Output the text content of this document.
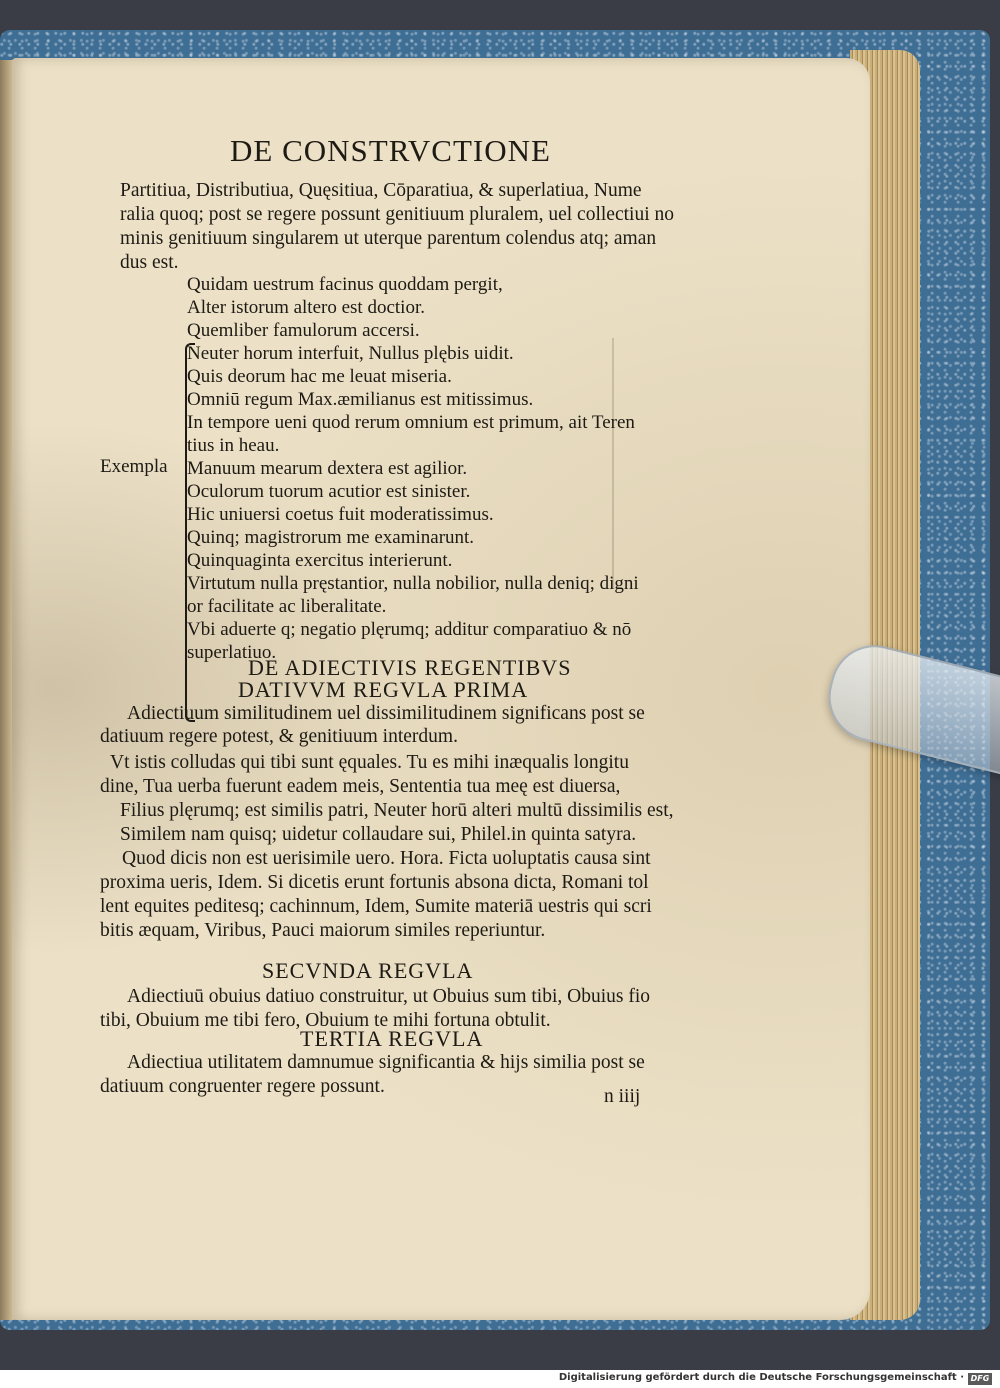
DE CONSTRVCTIONE
Partitiua, Distributiua, Quęsitiua, Cōparatiua, & superlatiua, Nume
ralia quoq; post se regere possunt genitiuum pluralem, uel collectiui no
minis genitiuum singularem ut uterque parentum colendus atq; aman
dus est.
Exempla
Quidam uestrum facinus quoddam pergit,
Alter istorum altero est doctior.
Quemliber famulorum accersi.
Neuter horum interfuit, Nullus plębis uidit.
Quis deorum hac me leuat miseria.
Omniū regum Max.æmilianus est mitissimus.
In tempore ueni quod rerum omnium est primum, ait Teren
tius in heau.
Manuum mearum dextera est agilior.
Oculorum tuorum acutior est sinister.
Hic uniuersi coetus fuit moderatissimus.
Quinq; magistrorum me examinarunt.
Quinquaginta exercitus interierunt.
Virtutum nulla pręstantior, nulla nobilior, nulla deniq; digni
or facilitate ac liberalitate.
Vbi aduerte q; negatio plęrumq; additur comparatiuo & nō
superlatiuo.
DE ADIECTIVIS REGENTIBVS
DATIVVM REGVLA PRIMA
Adiectiuum similitudinem uel dissimilitudinem significans post se
datiuum regere potest, & genitiuum interdum.
Vt istis colludas qui tibi sunt ęquales. Tu es mihi inæqualis longitu
dine, Tua uerba fuerunt eadem meis, Sententia tua meę est diuersa,
Filius plęrumq; est similis patri, Neuter horū alteri multū dissimilis est,
Similem nam quisq; uidetur collaudare sui, Philel.in quinta satyra.
Quod dicis non est uerisimile uero. Hora. Ficta uoluptatis causa sint
proxima ueris, Idem. Si dicetis erunt fortunis absona dicta, Romani tol
lent equites peditesq; cachinnum, Idem, Sumite materiā uestris qui scri
bitis æquam, Viribus, Pauci maiorum similes reperiuntur.
SECVNDA REGVLA
Adiectiuū obuius datiuo construitur, ut Obuius sum tibi, Obuius fio
tibi, Obuium me tibi fero, Obuium te mihi fortuna obtulit.
TERTIA REGVLA
Adiectiua utilitatem damnumue significantia & hijs similia post se
datiuum congruenter regere possunt.	n iiij
Digitalisierung gefördert durch die Deutsche Forschungsgemeinschaft · DFG
